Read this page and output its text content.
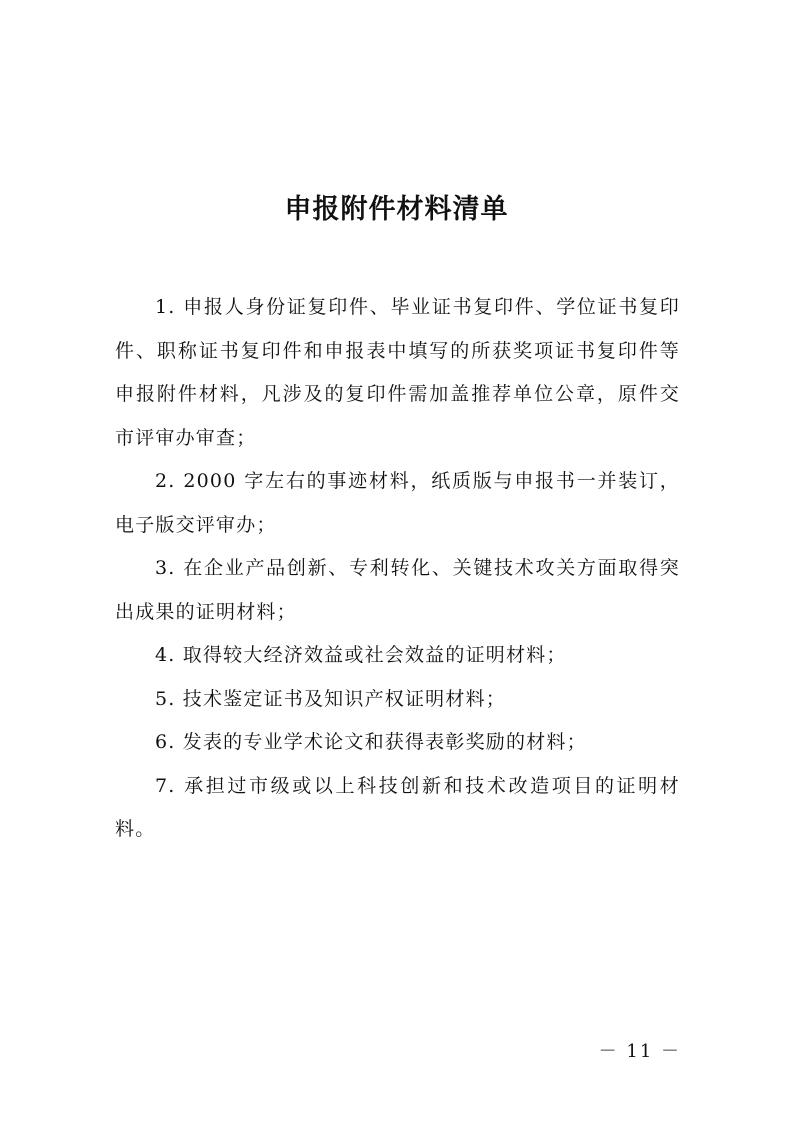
申报附件材料清单

1. 申报人身份证复印件、毕业证书复印件、学位证书复印件、职称证书复印件和申报表中填写的所获奖项证书复印件等申报附件材料，凡涉及的复印件需加盖推荐单位公章，原件交市评审办审查；

2. 2000 字左右的事迹材料，纸质版与申报书一并装订，电子版交评审办；

3. 在企业产品创新、专利转化、关键技术攻关方面取得突出成果的证明材料；

4. 取得较大经济效益或社会效益的证明材料；

5. 技术鉴定证书及知识产权证明材料；

6. 发表的专业学术论文和获得表彰奖励的材料；

7. 承担过市级或以上科技创新和技术改造项目的证明材料。

－ 11 －
